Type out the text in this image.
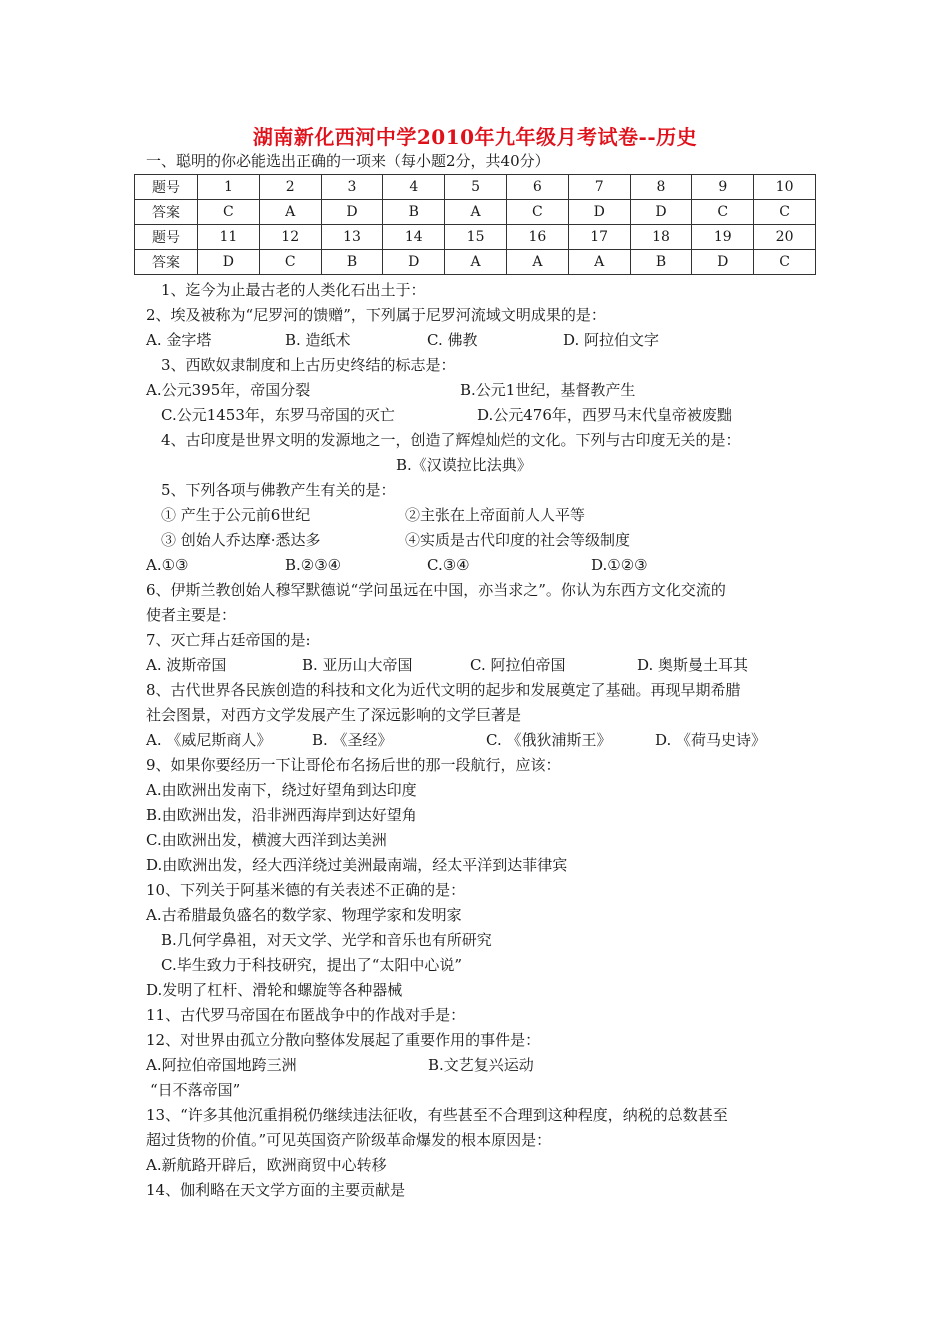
湖南新化西河中学2010年九年级月考试卷--历史
一、聪明的你必能选出正确的一项来（每小题2分，共40分）
题号	1	2	3	4	5	6	7	8	9	10
答案	C	A	D	B	A	C	D	D	C	C
题号	11	12	13	14	15	16	17	18	19	20
答案	D	C	B	D	A	A	A	B	D	C
1、迄今为止最古老的人类化石出土于：
2、埃及被称为“尼罗河的馈赠”，下列属于尼罗河流域文明成果的是：
A. 金字塔	B. 造纸术	C. 佛教	D. 阿拉伯文字
3、西欧奴隶制度和上古历史终结的标志是：
A.公元395年，帝国分裂	B.公元1世纪，基督教产生
C.公元1453年，东罗马帝国的灭亡	D.公元476年，西罗马末代皇帝被废黜
4、古印度是世界文明的发源地之一，创造了辉煌灿烂的文化。下列与古印度无关的是：
B.《汉谟拉比法典》
5、下列各项与佛教产生有关的是：
① 产生于公元前6世纪	②主张在上帝面前人人平等
③ 创始人乔达摩·悉达多	④实质是古代印度的社会等级制度
A.①③	B.②③④	C.③④	D.①②③
6、伊斯兰教创始人穆罕默德说“学问虽远在中国，亦当求之”。你认为东西方文化交流的
使者主要是：
7、灭亡拜占廷帝国的是:
A. 波斯帝国	B. 亚历山大帝国	C. 阿拉伯帝国	D. 奥斯曼土耳其
8、古代世界各民族创造的科技和文化为近代文明的起步和发展奠定了基础。再现早期希腊
社会图景，对西方文学发展产生了深远影响的文学巨著是
A. 《威尼斯商人》	B. 《圣经》	C. 《俄狄浦斯王》	D. 《荷马史诗》
9、如果你要经历一下让哥伦布名扬后世的那一段航行，应该：
A.由欧洲出发南下，绕过好望角到达印度
B.由欧洲出发，沿非洲西海岸到达好望角
C.由欧洲出发，横渡大西洋到达美洲
D.由欧洲出发，经大西洋绕过美洲最南端，经太平洋到达菲律宾
10、下列关于阿基米德的有关表述不正确的是：
A.古希腊最负盛名的数学家、物理学家和发明家
B.几何学鼻祖，对天文学、光学和音乐也有所研究
C.毕生致力于科技研究，提出了“太阳中心说”
D.发明了杠杆、滑轮和螺旋等各种器械
11、古代罗马帝国在布匿战争中的作战对手是：
12、对世界由孤立分散向整体发展起了重要作用的事件是：
A.阿拉伯帝国地跨三洲	B.文艺复兴运动
“日不落帝国”
13、“许多其他沉重捐税仍继续违法征收，有些甚至不合理到这种程度，纳税的总数甚至
超过货物的价值。”可见英国资产阶级革命爆发的根本原因是：
A.新航路开辟后，欧洲商贸中心转移
14、伽利略在天文学方面的主要贡献是
